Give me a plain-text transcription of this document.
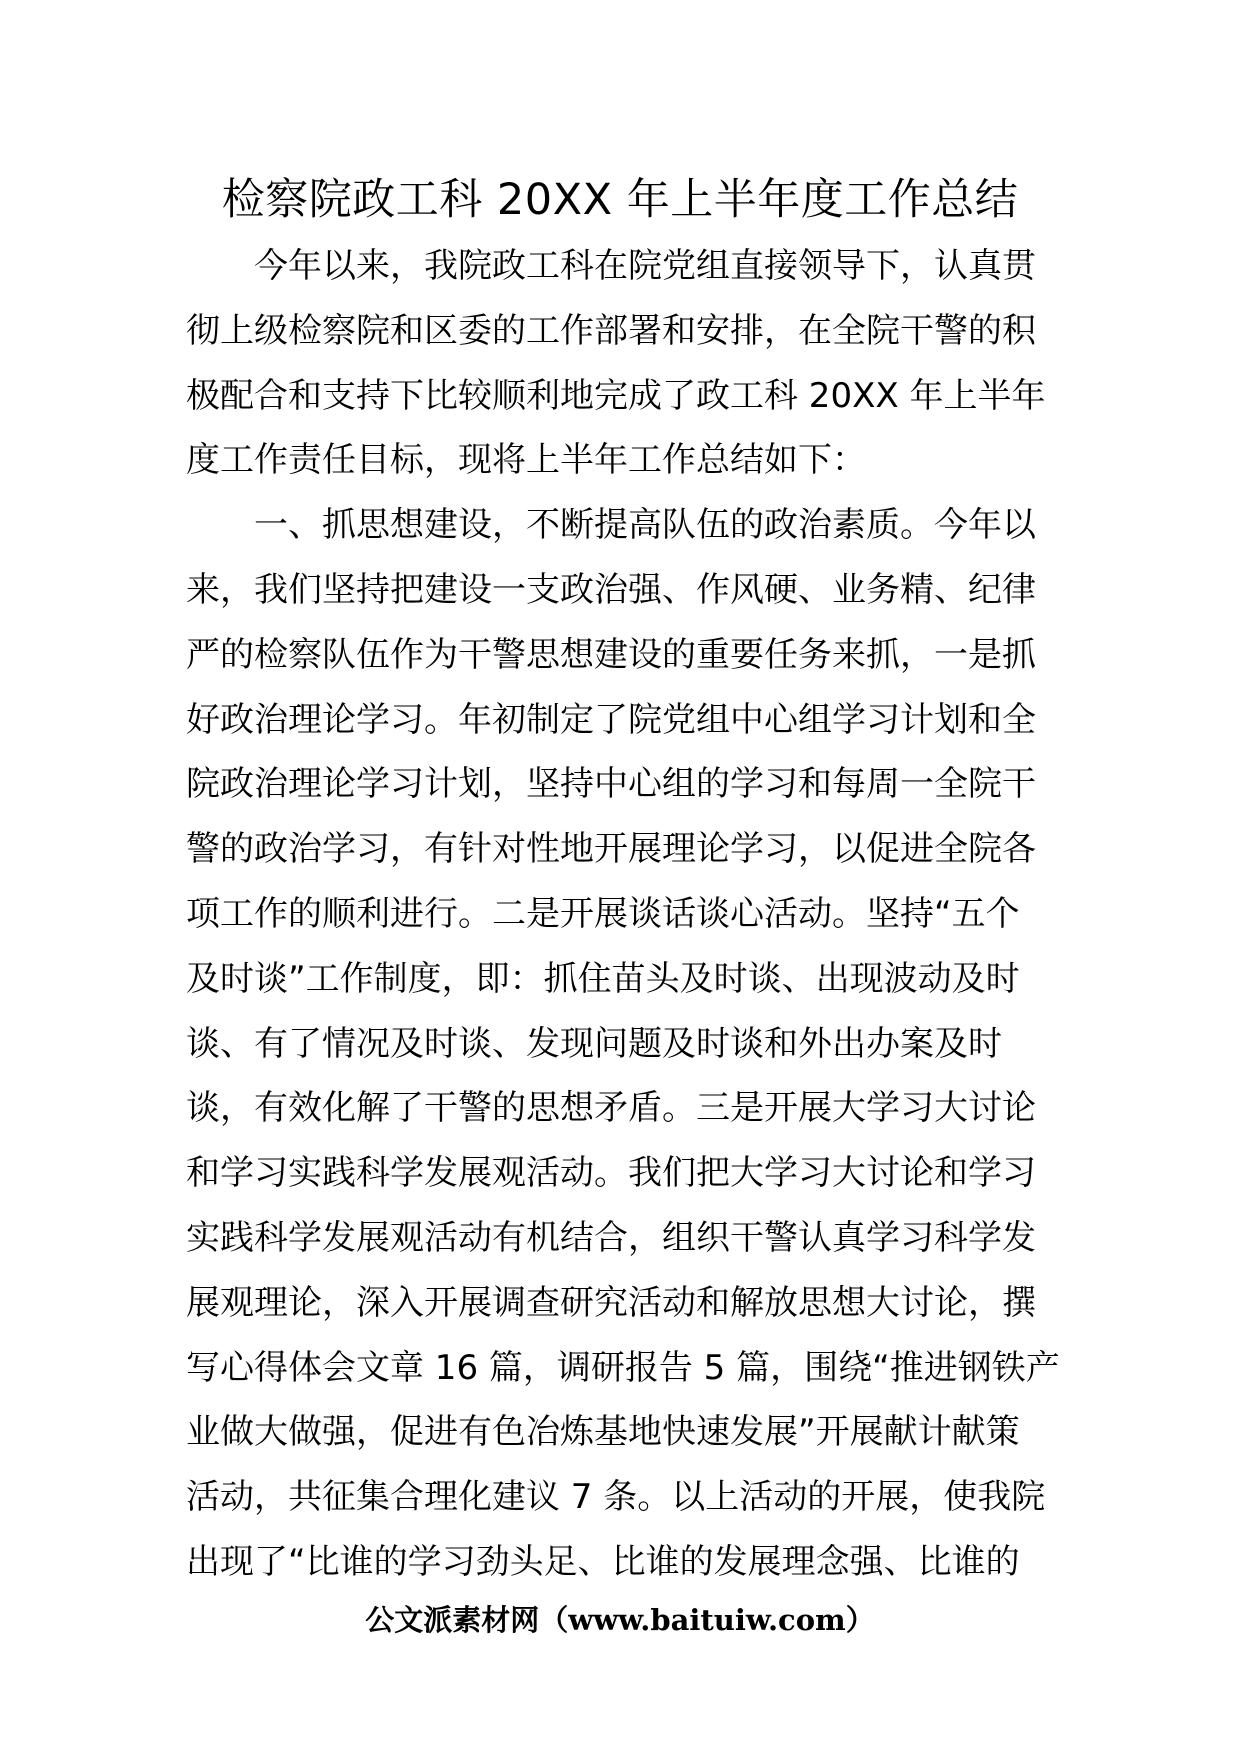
检察院政工科 20XX 年上半年度工作总结
今年以来，我院政工科在院党组直接领导下，认真贯
彻上级检察院和区委的工作部署和安排，在全院干警的积
极配合和支持下比较顺利地完成了政工科 20XX 年上半年
度工作责任目标，现将上半年工作总结如下：
一、抓思想建设，不断提高队伍的政治素质。今年以
来，我们坚持把建设一支政治强、作风硬、业务精、纪律
严的检察队伍作为干警思想建设的重要任务来抓，一是抓
好政治理论学习。年初制定了院党组中心组学习计划和全
院政治理论学习计划，坚持中心组的学习和每周一全院干
警的政治学习，有针对性地开展理论学习，以促进全院各
项工作的顺利进行。二是开展谈话谈心活动。坚持“五个
及时谈”工作制度，即：抓住苗头及时谈、出现波动及时
谈、有了情况及时谈、发现问题及时谈和外出办案及时
谈，有效化解了干警的思想矛盾。三是开展大学习大讨论
和学习实践科学发展观活动。我们把大学习大讨论和学习
实践科学发展观活动有机结合，组织干警认真学习科学发
展观理论，深入开展调查研究活动和解放思想大讨论，撰
写心得体会文章 16 篇，调研报告 5 篇，围绕“推进钢铁产
业做大做强，促进有色冶炼基地快速发展”开展献计献策
活动，共征集合理化建议 7 条。以上活动的开展，使我院
出现了“比谁的学习劲头足、比谁的发展理念强、比谁的
公文派素材网（www.baituiw.com）
